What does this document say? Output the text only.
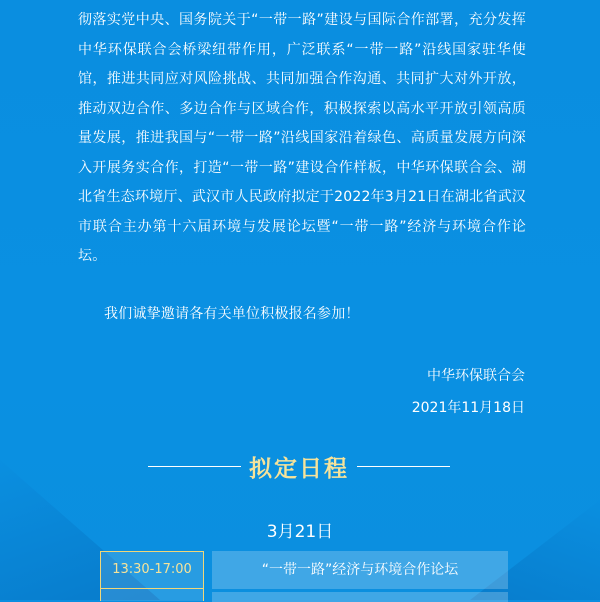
彻落实党中央、国务院关于“一带一路”建设与国际合作部署，充分发挥中华环保联合会桥梁纽带作用，广泛联系“一带一路”沿线国家驻华使馆，推进共同应对风险挑战、共同加强合作沟通、共同扩大对外开放，推动双边合作、多边合作与区域合作，积极探索以高水平开放引领高质量发展，推进我国与“一带一路”沿线国家沿着绿色、高质量发展方向深入开展务实合作，打造“一带一路”建设合作样板，中华环保联合会、湖北省生态环境厅、武汉市人民政府拟定于2022年3月21日在湖北省武汉市联合主办第十六届环境与发展论坛暨“一带一路”经济与环境合作论坛。

我们诚挚邀请各有关单位积极报名参加！

中华环保联合会
2021年11月18日
拟定日程
3月21日
13:30-17:00	“一带一路”经济与环境合作论坛
